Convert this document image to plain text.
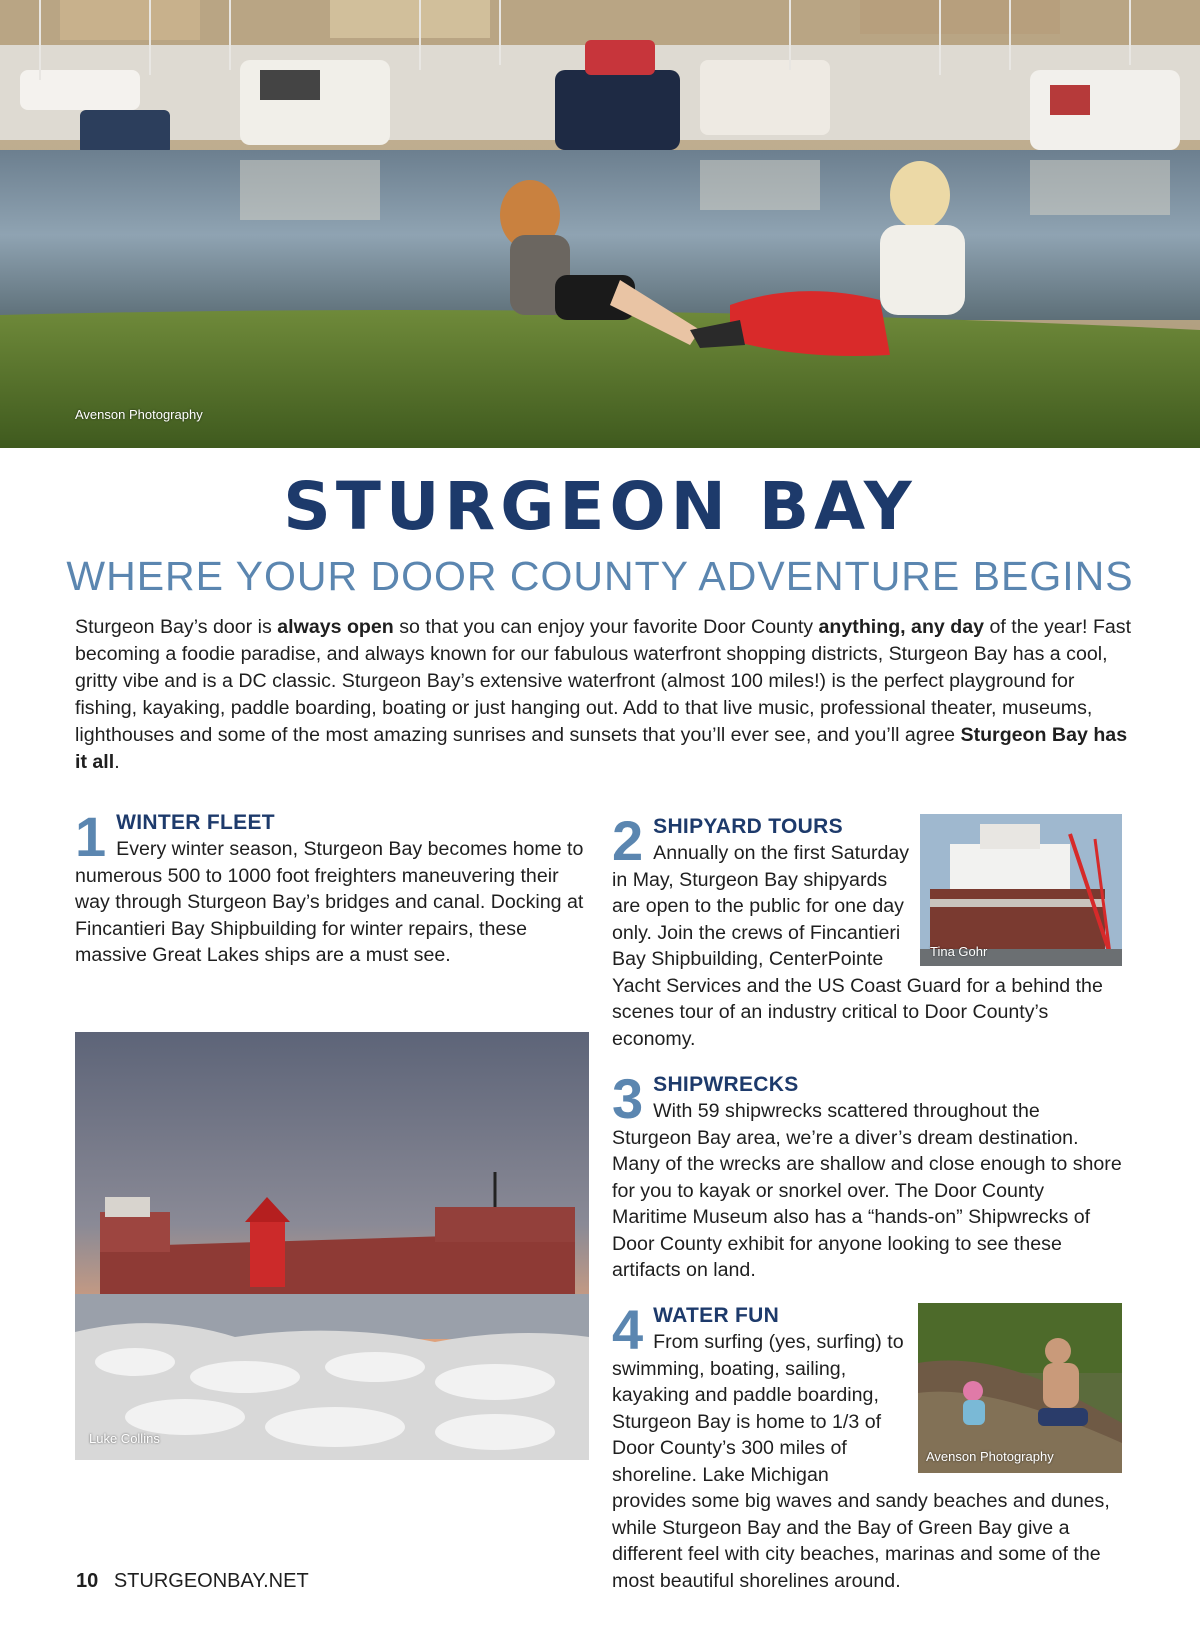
Avenson Photography
STURGEON BAY
WHERE YOUR DOOR COUNTY ADVENTURE BEGINS

Sturgeon Bay’s door is always open so that you can enjoy your favorite Door County anything, any day of the year! Fast becoming a foodie paradise, and always known for our fabulous waterfront shopping districts, Sturgeon Bay has a cool, gritty vibe and is a DC classic. Sturgeon Bay’s extensive waterfront (almost 100 miles!) is the perfect playground for fishing, kayaking, paddle boarding, boating or just hanging out. Add to that live music, professional theater, museums, lighthouses and some of the most amazing sunrises and sunsets that you’ll ever see, and you’ll agree Sturgeon Bay has it all.

1 WINTER FLEET

Every winter season, Sturgeon Bay becomes home to numerous 500 to 1000 foot freighters maneuvering their way through Sturgeon Bay’s bridges and canal. Docking at Fincantieri Bay Shipbuilding for winter repairs, these massive Great Lakes ships are a must see.

Luke Collins
Tina Gohr
2 SHIPYARD TOURS

Annually on the first Saturday in May, Sturgeon Bay shipyards are open to the public for one day only. Join the crews of Fincantieri Bay Shipbuilding, CenterPointe Yacht Services and the US Coast Guard for a behind the scenes tour of an industry critical to Door County’s economy.

3 SHIPWRECKS

With 59 shipwrecks scattered throughout the Sturgeon Bay area, we’re a diver’s dream destination. Many of the wrecks are shallow and close enough to shore for you to kayak or snorkel over. The Door County Maritime Museum also has a “hands-on” Shipwrecks of Door County exhibit for anyone looking to see these artifacts on land.

Avenson Photography
4 WATER FUN

From surfing (yes, surfing) to swimming, boating, sailing, kayaking and paddle boarding, Sturgeon Bay is home to 1/3 of Door County’s 300 miles of shoreline. Lake Michigan provides some big waves and sandy beaches and dunes, while Sturgeon Bay and the Bay of Green Bay give a different feel with city beaches, marinas and some of the most beautiful shorelines around.

10 STURGEONBAY.NET
